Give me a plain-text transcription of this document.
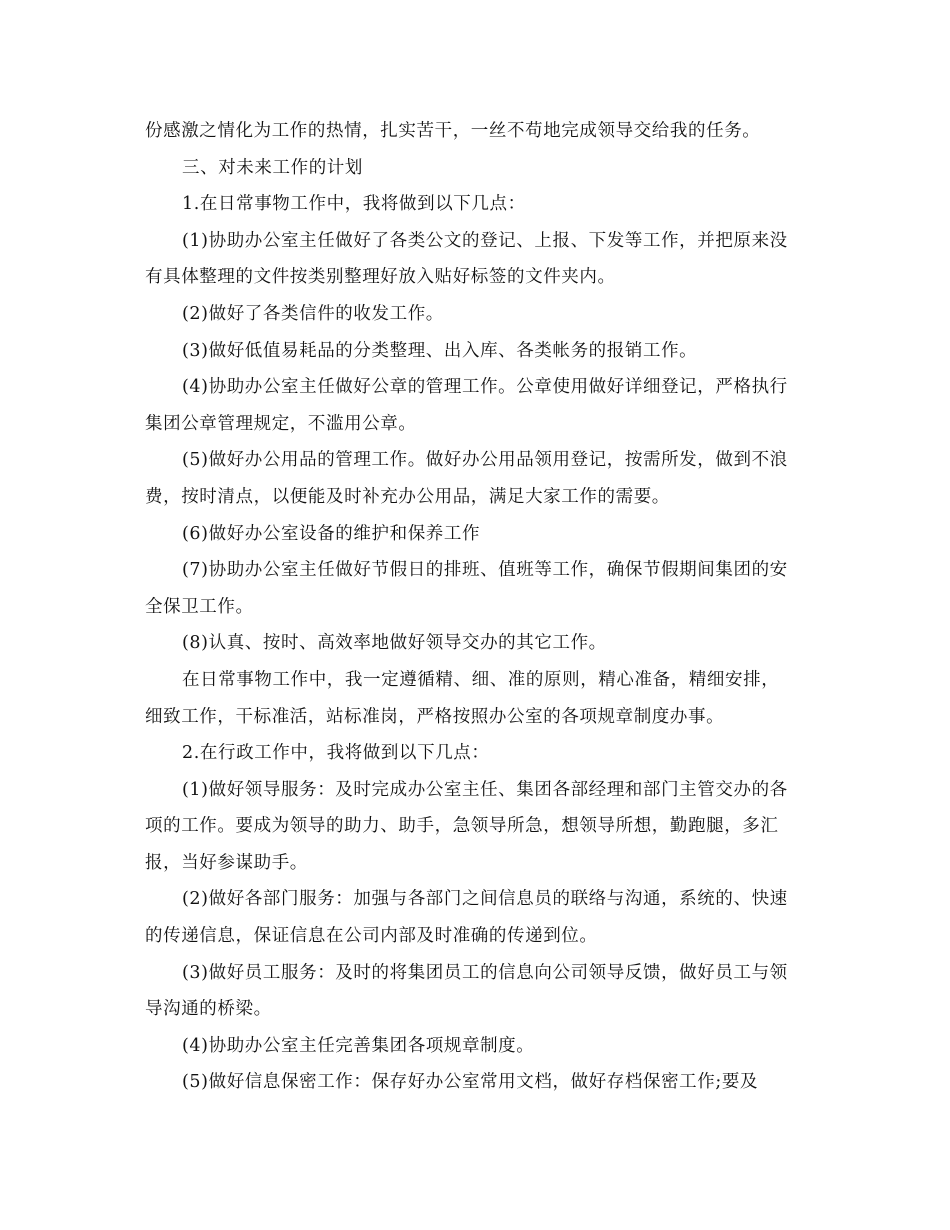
份感激之情化为工作的热情，扎实苦干，一丝不苟地完成领导交给我的任务。

三、对未来工作的计划

1.在日常事物工作中，我将做到以下几点：

(1)协助办公室主任做好了各类公文的登记、上报、下发等工作，并把原来没

有具体整理的文件按类别整理好放入贴好标签的文件夹内。

(2)做好了各类信件的收发工作。

(3)做好低值易耗品的分类整理、出入库、各类帐务的报销工作。

(4)协助办公室主任做好公章的管理工作。公章使用做好详细登记，严格执行

集团公章管理规定，不滥用公章。

(5)做好办公用品的管理工作。做好办公用品领用登记，按需所发，做到不浪

费，按时清点，以便能及时补充办公用品，满足大家工作的需要。

(6)做好办公室设备的维护和保养工作

(7)协助办公室主任做好节假日的排班、值班等工作，确保节假期间集团的安

全保卫工作。

(8)认真、按时、高效率地做好领导交办的其它工作。

在日常事物工作中，我一定遵循精、细、准的原则，精心准备，精细安排，

细致工作，干标准活，站标准岗，严格按照办公室的各项规章制度办事。

2.在行政工作中，我将做到以下几点：

(1)做好领导服务：及时完成办公室主任、集团各部经理和部门主管交办的各

项的工作。要成为领导的助力、助手，急领导所急，想领导所想，勤跑腿，多汇

报，当好参谋助手。

(2)做好各部门服务：加强与各部门之间信息员的联络与沟通，系统的、快速

的传递信息，保证信息在公司内部及时准确的传递到位。

(3)做好员工服务：及时的将集团员工的信息向公司领导反馈，做好员工与领

导沟通的桥梁。

(4)协助办公室主任完善集团各项规章制度。

(5)做好信息保密工作：保存好办公室常用文档，做好存档保密工作;要及
